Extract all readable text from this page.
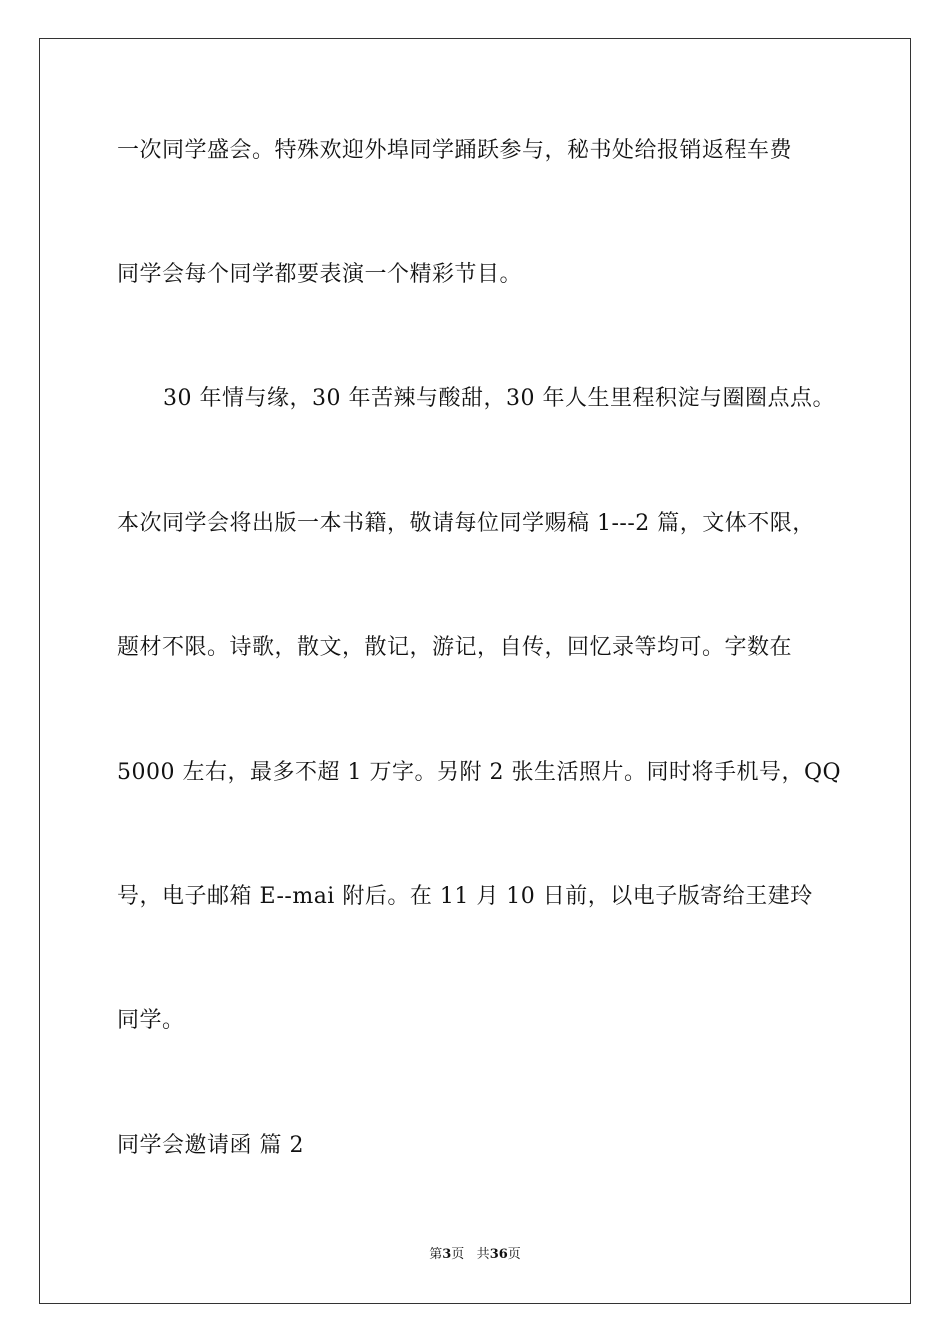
一次同学盛会。特殊欢迎外埠同学踊跃参与，秘书处给报销返程车费
同学会每个同学都要表演一个精彩节目。
30 年情与缘，30 年苦辣与酸甜，30 年人生里程积淀与圈圈点点。
本次同学会将出版一本书籍，敬请每位同学赐稿 1---2 篇，文体不限，
题材不限。诗歌，散文，散记，游记，自传，回忆录等均可。字数在
5000 左右，最多不超 1 万字。另附 2 张生活照片。同时将手机号，QQ
号，电子邮箱 E--mai 附后。在 11 月 10 日前，以电子版寄给王建玲
同学。
同学会邀请函 篇 2
第3页 共36页
